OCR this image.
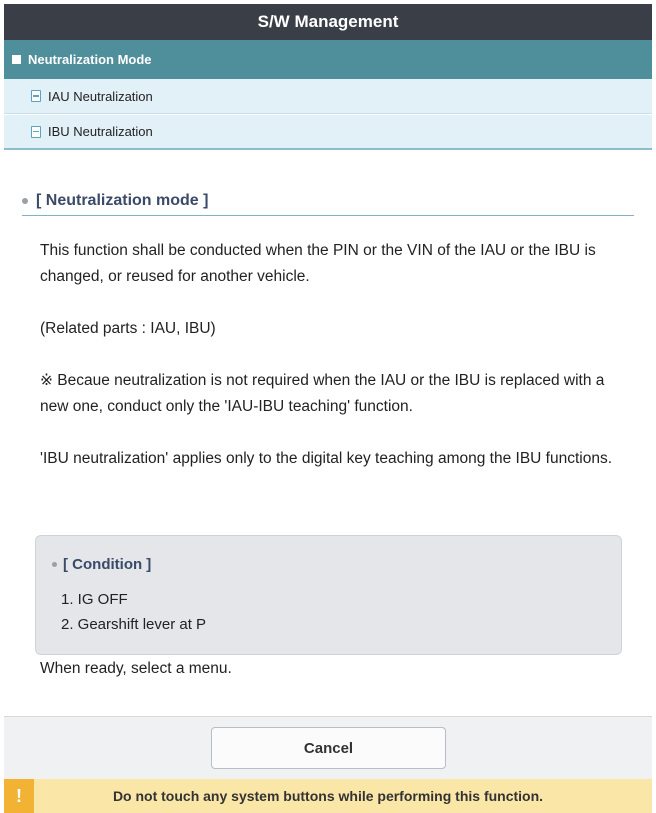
S/W Management
Neutralization Mode
IAU Neutralization
IBU Neutralization
[ Neutralization mode ]
This function shall be conducted when the PIN or the VIN of the IAU or the IBU is changed, or reused for another vehicle.
(Related parts : IAU, IBU)
※ Becaue neutralization is not required when the IAU or the IBU is replaced with a new one, conduct only the 'IAU-IBU teaching' function.
'IBU neutralization' applies only to the digital key teaching among the IBU functions.
[ Condition ]
1. IG OFF
2. Gearshift lever at P
When ready, select a menu.
Cancel
!	Do not touch any system buttons while performing this function.
